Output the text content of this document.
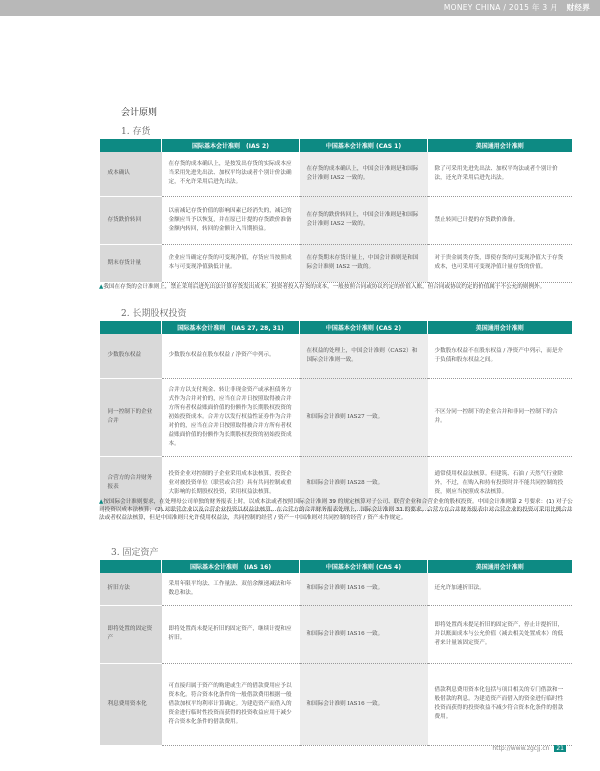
MONEY CHINA / 2015 年 3 月 财经界
会计原则
1. 存货
	国际基本会计准则　(IAS 2)	中国基本会计准则 (CAS 1)	美国通用会计准则
成本确认	在存货的成本确认上，是按发出存货的实际成本应当采用先进先出法、加权平均法或者个别计价法确定，不允许采用后进先出法。	在存货的成本确认上，中国会计准则是和国际会计准则 IAS2 一致的。	除了可采用先进先出法、加权平均法或者个别计价法，还允许采用后进先出法。
存货跌价转回	以前减记存货价值的影响因素已经消失的，减记的金额应当予以恢复，并在原已计提的存货跌价准备金额内转回，转回的金额计入当期损益。	在存货的跌价转回上，中国会计准则是和国际会计准则 IAS2 一致的。	禁止转回已计提的存货跌价准备。
期末存货计量	企业应当确定存货的可变现净值，存货应当按照成本与可变现净值孰低计量。	在存货期末存货计量上，中国会计准则是和国际会计准则 IAS2 一致的。	对于贵金属类存货，即使存货的可变现净值大于存货成本，也可采用可变现净值计量存货的价值。
▲我国在存货的会计准则上，禁止采用后进先出法计算存货发出成本。投资者投入存货的成本，一般按照合同或协议约定的价值入账，但合同或协议约定的价值属于不公允的则例外。
2. 长期股权投资
	国际基本会计准则　(IAS 27, 28, 31)	中国基本会计准则 (CAS 2)	美国通用会计准则
少数股东权益	少数股东权益在股东权益 / 净资产中列示。	在权益的处理上，中国会计准则（CAS2）和国际会计准则一致。	少数股东权益不在股东权益 / 净资产中列示，而是介于负债和股东权益之间。
同一控制下的企业合并	合并方以支付现金、转让非现金资产或承担债务方式作为合并对价的，应当在合并日按照取得被合并方所有者权益账面价值的份额作为长期股权投资的初始投资成本。合并方以发行权益性证券作为合并对价的，应当在合并日按照取得被合并方所有者权益账面价值的份额作为长期股权投资的初始投资成本。	和国际会计准则 IAS27 一致。	不区分同一控制下的企业合并和非同一控制下的合并。
合营方的合并财务报表	投资企业对控制的子企业采用成本法核算，投资企业对被投资单位（联营或合营）具有共同控制或重大影响的长期股权投资，采用权益法核算。	和国际会计准则 IAS28 一致。	通常使用权益法核算。但建筑、石油 / 天然气行业除外，不过，在购入和持有投资时并不能共同控制的投资，则应当按照成本法核算。
▲按国际会计准则要求，在处理母公司单独的财务报表上时，以成本法或者按照国际会计准则 39 的规定核算对子公司、联营企业和合营企业的股权投资。中国会计准则第 2 号要求：(1) 对子公司投资以成本法核算；(2) 对联营企业以及合营企业投资以权益法核算。在合营方的合并财务报表处理上，国际会计准则 31 的要求，合营方在合并财务报表中对合营企业的投资可采用比例合并法或者权益法核算，但是中国准则只允许使用权益法，共同控制的经营 / 资产－中国准则对共同控制的经营 / 资产未作规定。
3. 固定资产
	国际基本会计准则　(IAS 16)	中国基本会计准则 (CAS 4)	美国通用会计准则
折旧方法	采用年限平均法、工作量法、双倍余额递减法和年数总和法。	和国际会计准则 IAS16 一致。	还允许加速折旧法。
即将处置的固定资产	即将处置尚未提足折旧的固定资产，继续计提和应折旧。	和国际会计准则 IAS16 一致。	即将处置尚未提足折旧的固定资产，停止计提折旧，并以账面成本与公允价值（减去相关处置成本）的低者来计量该固定资产。
利息费用资本化	可直接归属于资产的购建或生产的借款费用应予以资本化。符合资本化条件的一般借款费用根据一般借款加权平均利率计算确定。为建造资产而借入的资金进行临时性投资而获得的投资收益应用于减少符合资本化条件的借款费用。	和国际会计准则 IAS16 一致。	借款利息费用资本化包括与项目相关的专门借款和一般借款的利息。为建造资产而借入的资金进行临时性投资而获得的投资收益不减少符合资本化条件的借款费用。
http://www.zgcjj.cn 21
